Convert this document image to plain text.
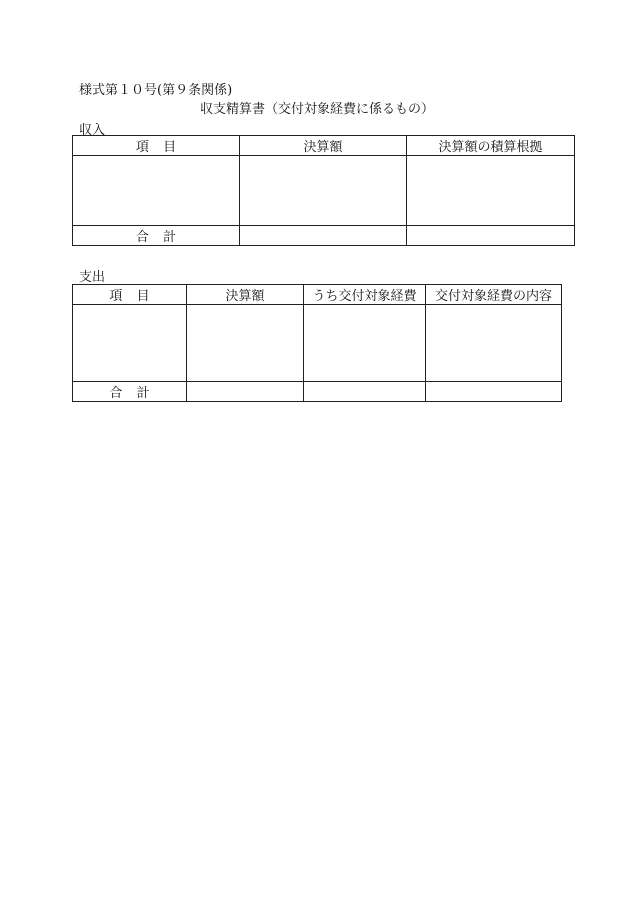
様式第１０号(第９条関係)
収支精算書（交付対象経費に係るもの）
収入
項目	決算額	決算額の積算根拠

合計		
支出
項目	決算額	うち交付対象経費	交付対象経費の内容

合計			
